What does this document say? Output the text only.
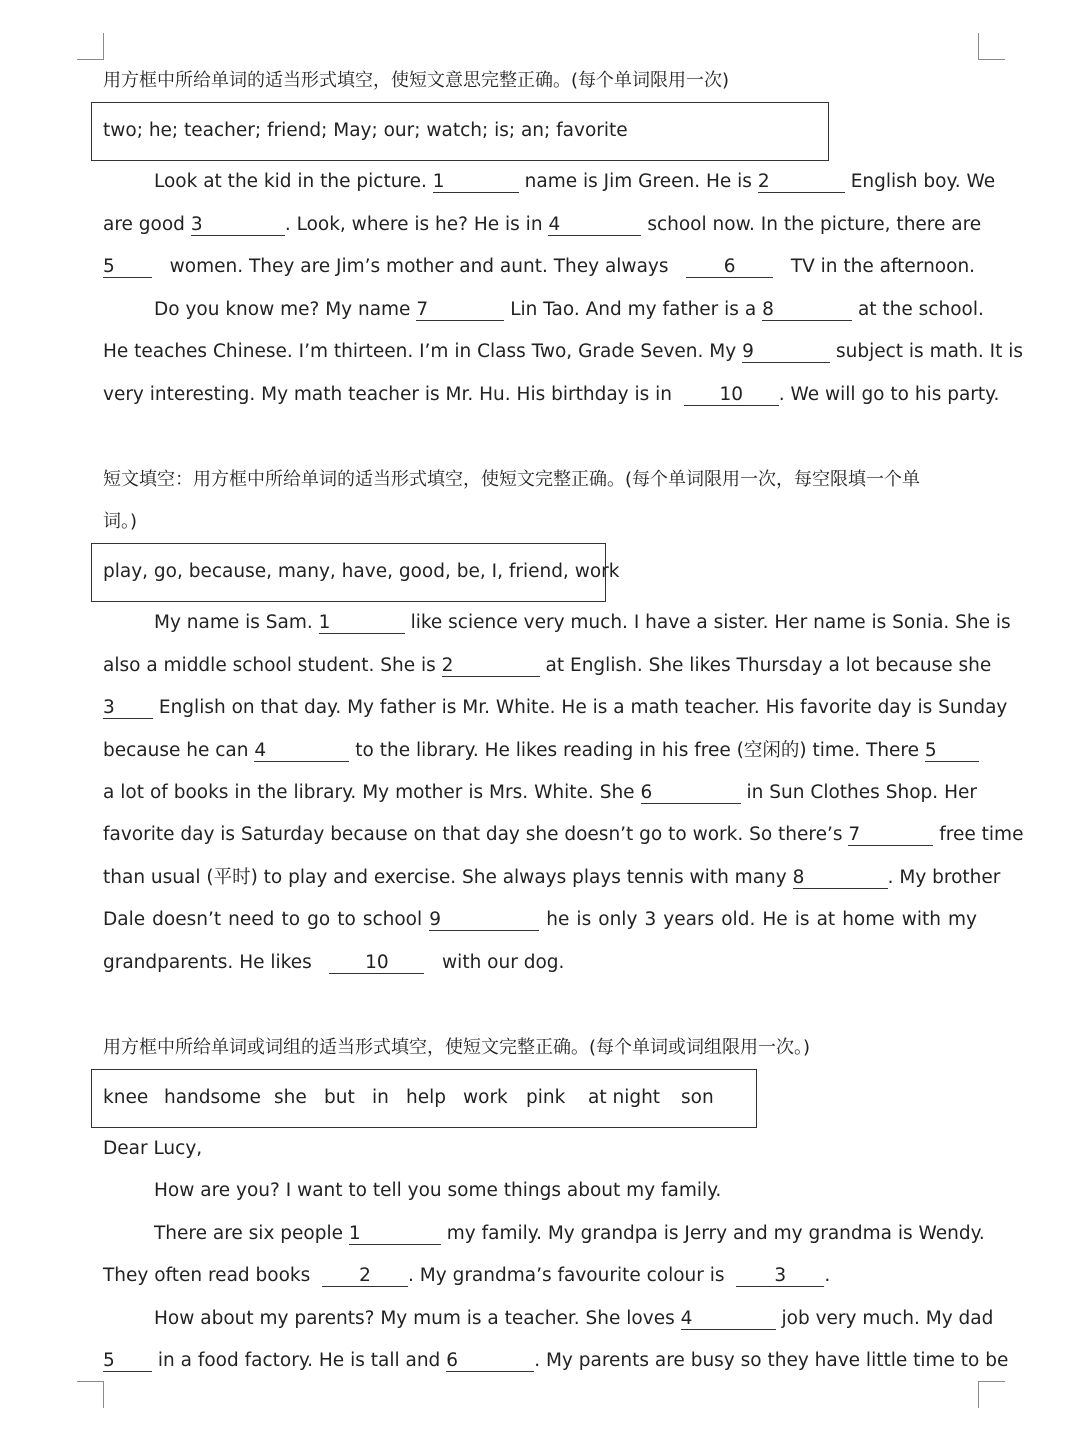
用方框中所给单词的适当形式填空，使短文意思完整正确。(每个单词限用一次)
two; he; teacher; friend; May; our; watch; is; an; favorite
Look at the kid in the picture. 1	name is Jim Green. He is 2	English boy. We
are good 3	. Look, where is he? He is in 4	school now. In the picture, there are
5	women. They are Jim’s mother and aunt. They always	6	TV in the afternoon.
Do you know me? My name 7	Lin Tao. And my father is a 8	at the school.
He teaches Chinese. I’m thirteen. I’m in Class Two, Grade Seven. My 9	subject is math. It is
very interesting. My math teacher is Mr. Hu. His birthday is in	10 . We will go to his party.
短文填空：用方框中所给单词的适当形式填空，使短文完整正确。(每个单词限用一次，每空限填一个单
词。)
play, go, because, many, have, good, be, I, friend, work
My name is Sam. 1	like science very much. I have a sister. Her name is Sonia. She is
also a middle school student. She is 2	at English. She likes Thursday a lot because she
3 English on that day. My father is Mr. White. He is a math teacher. His favorite day is Sunday
because he can 4	to the library. He likes reading in his free (空闲的) time. There 5
a lot of books in the library. My mother is Mrs. White. She 6	in Sun Clothes Shop. Her
favorite day is Saturday because on that day she doesn’t go to work. So there’s 7	free time
than usual (平时) to play and exercise. She always plays tennis with many 8	. My brother
Dale doesn’t need to go to school 9	he is only 3 years old. He is at home with my
grandparents. He likes	10	with our dog.
用方框中所给单词或词组的适当形式填空，使短文完整正确。(每个单词或词组限用一次。)
knee handsome she but in help work pink at night son
Dear Lucy,
How are you? I want to tell you some things about my family.
There are six people 1	my family. My grandpa is Jerry and my grandma is Wendy.
They often read books	2 . My grandma’s favourite colour is	3 .
How about my parents? My mum is a teacher. She loves 4	job very much. My dad
5 in a food factory. He is tall and 6	. My parents are busy so they have little time to be
